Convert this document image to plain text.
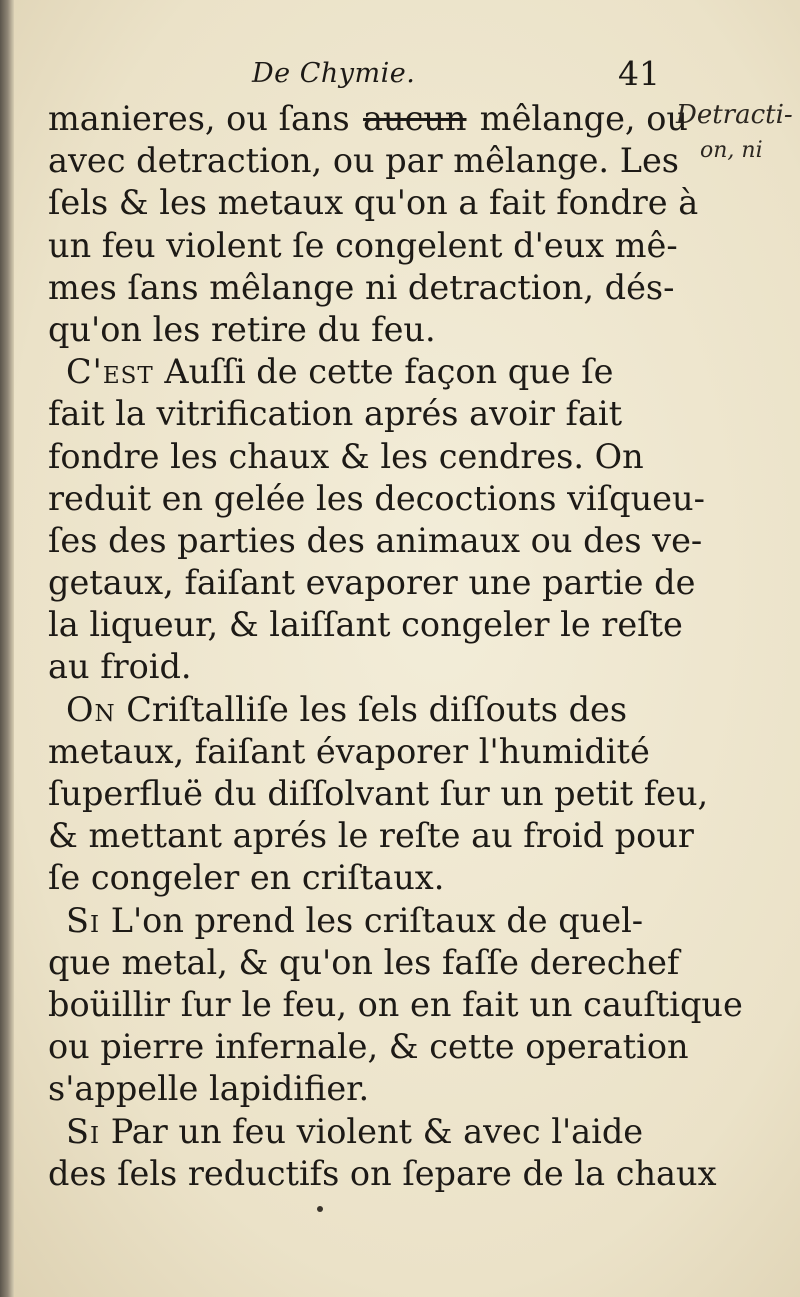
De Chymie.	41
manieres, ou ſans aucun mêlange, ou
avec detraction, ou par mêlange. Les
ſels & les metaux qu'on a fait fondre à
un feu violent ſe congelent d'eux mê-
mes ſans mêlange ni detraction, dés-
qu'on les retire du feu.
C'est Auſſi de cette façon que ſe
fait la vitrification aprés avoir fait
fondre les chaux & les cendres. On
reduit en gelée les decoctions viſqueu-
ſes des parties des animaux ou des ve-
getaux, faiſant evaporer une partie de
la liqueur, & laiſſant congeler le reſte
au froid.
On Criſtalliſe les ſels diſſouts des
metaux, faiſant évaporer l'humidité
ſuperfluë du diſſolvant ſur un petit feu,
& mettant aprés le reſte au froid pour
ſe congeler en criſtaux.
Si L'on prend les criſtaux de quel-
que metal, & qu'on les faſſe derechef
boüillir ſur le feu, on en fait un cauſtique
ou pierre infernale, & cette operation
s'appelle lapidifier.
Si Par un feu violent & avec l'aide
des ſels reductifs on ſepare de la chaux
Detracti-
on, ni
